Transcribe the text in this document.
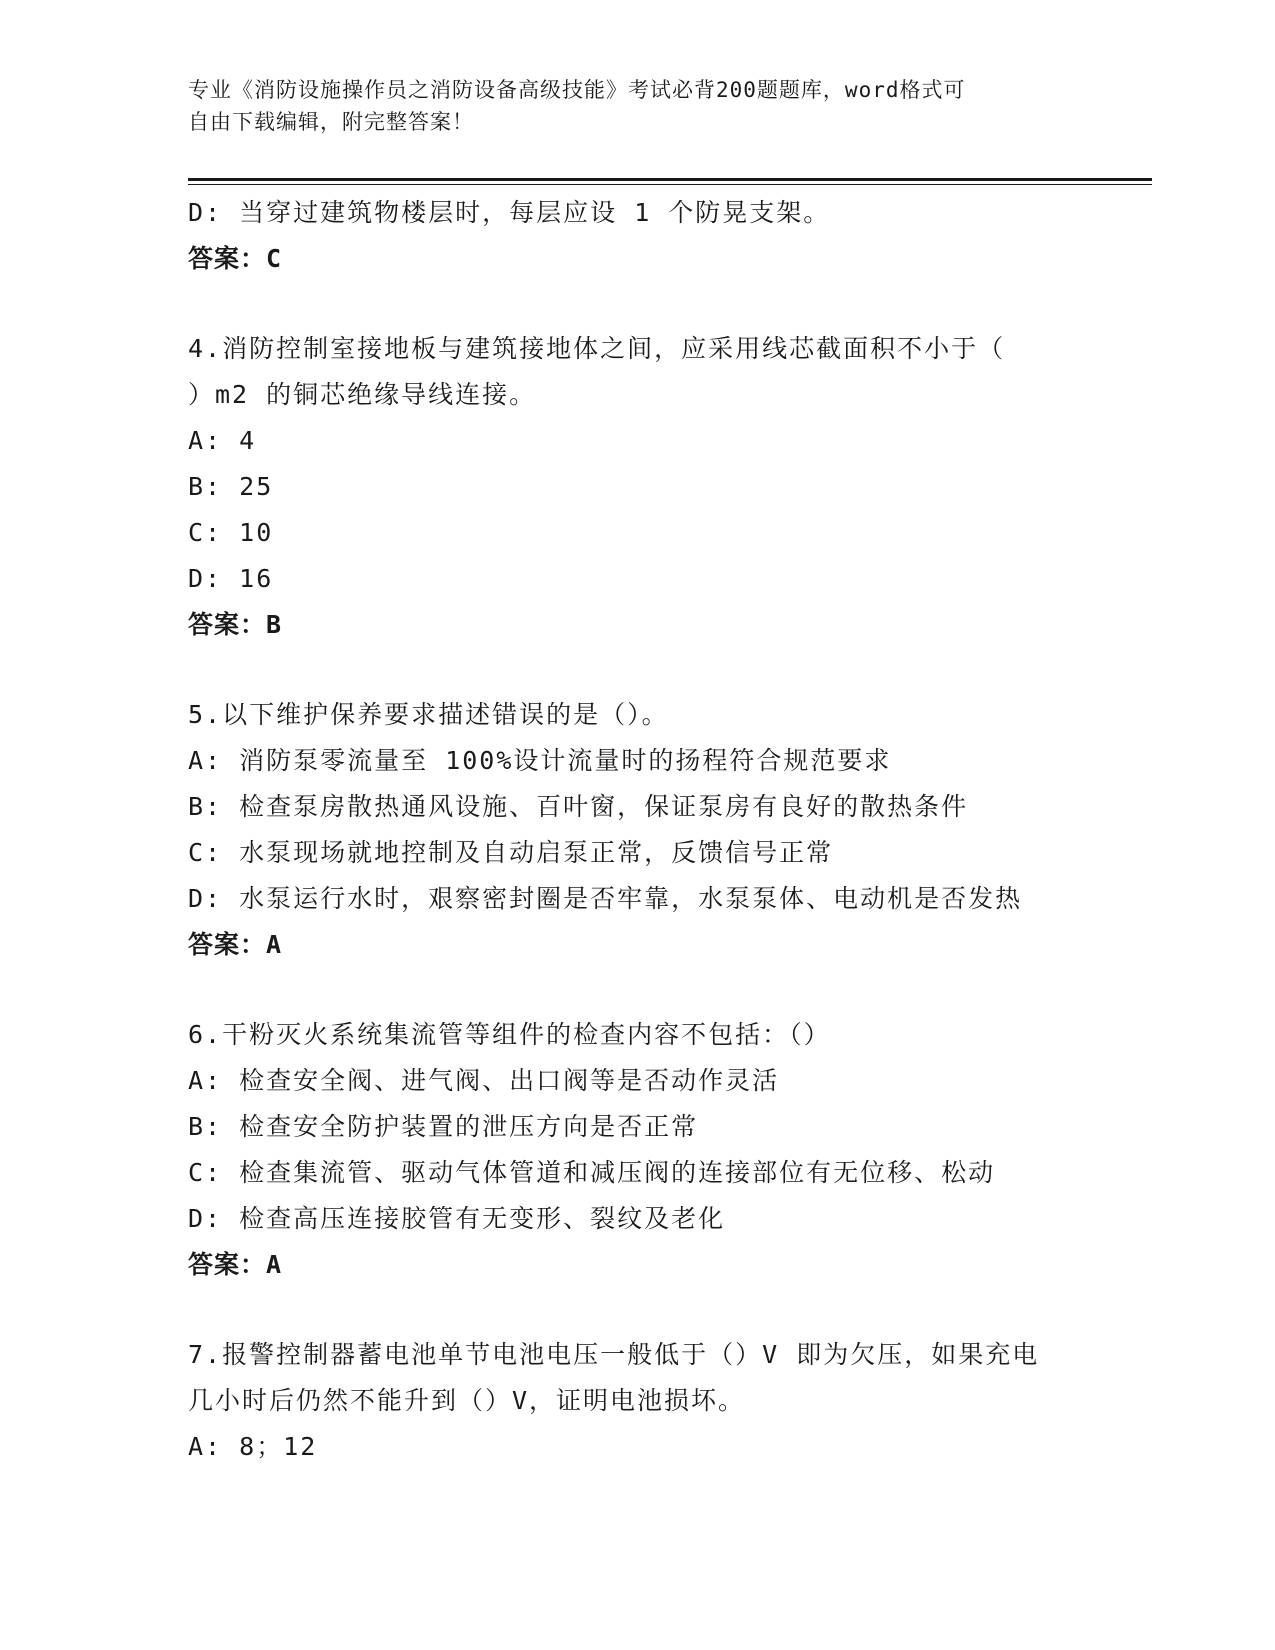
专业《消防设施操作员之消防设备高级技能》考试必背200题题库，word格式可
自由下载编辑，附完整答案！
D: 当穿过建筑物楼层时，每层应设 1 个防晃支架。
答案：C
4.消防控制室接地板与建筑接地体之间，应采用线芯截面积不小于（
）m2 的铜芯绝缘导线连接。
A: 4
B: 25
C: 10
D: 16
答案：B
5.以下维护保养要求描述错误的是（）。
A: 消防泵零流量至 100%设计流量时的扬程符合规范要求
B: 检查泵房散热通风设施、百叶窗，保证泵房有良好的散热条件
C: 水泵现场就地控制及自动启泵正常，反馈信号正常
D: 水泵运行水时，艰察密封圈是否牢靠，水泵泵体、电动机是否发热
答案：A
6.干粉灭火系统集流管等组件的检查内容不包括：（）
A: 检查安全阀、进气阀、出口阀等是否动作灵活
B: 检查安全防护装置的泄压方向是否正常
C: 检查集流管、驱动气体管道和减压阀的连接部位有无位移、松动
D: 检查高压连接胶管有无变形、裂纹及老化
答案：A
7.报警控制器蓄电池单节电池电压一般低于（）V 即为欠压，如果充电
几小时后仍然不能升到（）V，证明电池损坏。
A: 8；12
